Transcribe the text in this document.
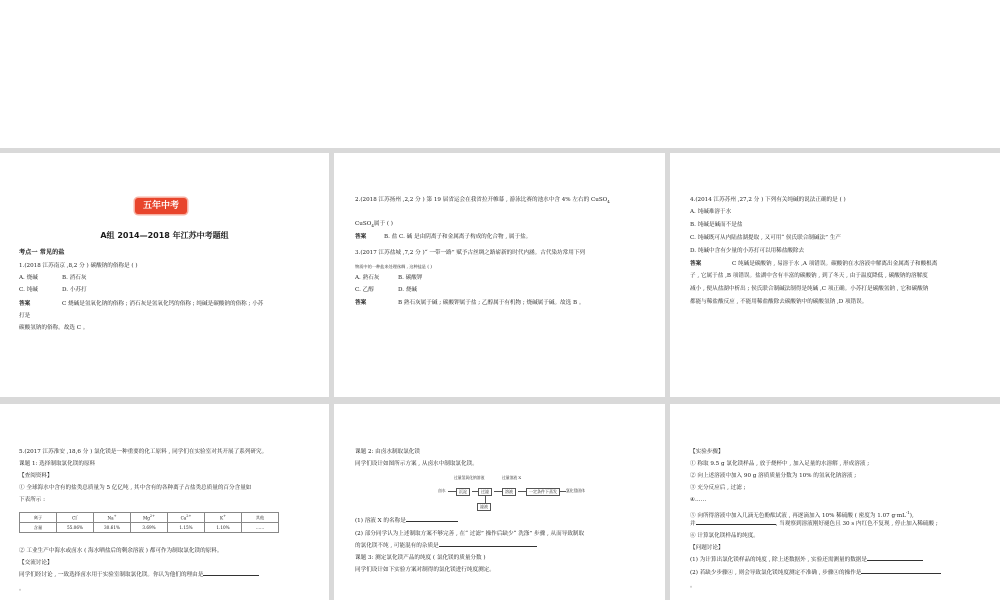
五年中考
A组 2014—2018 年江苏中考题组
考点一 常见的盐
1.(2018 江苏南京 ,8,2 分 ) 碳酸钠的俗称是 ( )
A. 烧碱	B. 消石灰
C. 纯碱	D. 小苏打
答案	C 烧碱是氢氧化钠的俗称 ; 消石灰是氢氧化钙的俗称 ; 纯碱是碳酸钠的俗称 ; 小苏
打是
碳酸氢钠的俗称。故选 C 。
2.(2018 江苏扬州 ,2,2 分 ) 第 19 届省运会在我省拉开帷幕 , 游泳比赛的池水中含 4% 左右的 CuSO$_4$
CuSO$_4$属于 ( )
答案	B. 盐 C. 碱 是由阴离子和金属离子构成的化合物 , 属于盐。
3.(2017 江苏盐城 ,7,2 分 )“ 一带一路” 赋予古丝绸之路崭新的时代内涵。古代染坊常用下列
物质中的一种盐来处理丝绸 , 这种盐是 ( )
A. 熟石灰	B. 碳酸钾
C. 乙醇	D. 烧碱
答案	B 熟石灰属于碱 ; 碳酸钾属于盐 ; 乙醇属于有机物 ; 烧碱属于碱。故选 B 。
4.(2014 江苏苏州 ,27,2 分 ) 下列有关纯碱的说法正确的是 ( )
A. 纯碱难溶于水
B. 纯碱是碱而不是盐
C. 纯碱既可从内陆盐湖提取 , 又可用“ 侯氏联合制碱法” 生产
D. 纯碱中含有少量的小苏打可以用稀盐酸除去
答案	C 纯碱是碳酸钠 , 易溶于水 ,A 项错误。碳酸钠在水溶液中解离出金属离子和酸根离
子 , 它属于盐 ,B 项错误。盐湖中含有丰富的碳酸钠 , 到了冬天 , 由于温度降低 , 碳酸钠的溶解度
减小 , 便从盐湖中析出 ; 侯氏联合制碱法制得是纯碱 ,C 项正确。小苏打是碳酸氢钠 , 它和碳酸钠
都能与稀盐酸反应 , 不能用稀盐酸除去碳酸钠中的碳酸氢钠 ,D 项错误。
5.(2017 江苏淮安 ,18,6 分 ) 氯化镁是一种重要的化工原料 , 同学们在实验室对其开展了系列研究。
课题 1: 选择制取氯化镁的原料
【查阅资料】
① 全球海水中含有的盐类总质量为 5 亿亿吨 , 其中含有的各种离子占盐类总质量的百分含量如
下表所示 :
离子	Cl-	Na+	$Mg^{2+}$	$Ca^{2+}$	K+	其他
含量	55.06%	30.61%	3.69%	1.15%	1.10%	……
② 工业生产中海水或卤水 ( 海水晒盐后的剩余溶液 ) 都可作为制取氯化镁的原料。
【交流讨论】
同学们经讨论 , 一致选择卤水用于实验室制取氯化镁。你认为他们的理由是
。
课题 2: 由卤水制取氯化镁
同学们设计如图所示方案 , 从卤水中制取氯化镁。
过量氢氧化钠溶液	过量溶液 X
卤水	沉淀	过滤	溶液	一定条件下蒸发	氯化镁固体
滤液
(1) 溶液 X 的名称是
(2) 部分同学认为上述制取方案不够完善 , 在“ 过滤” 操作后缺少“ 洗涤” 步骤 , 从而导致制取
的氯化镁不纯 , 可能混有的杂质是
课题 3: 测定氯化镁产品的纯度 ( 氯化镁的质量分数 )
同学们设计如下实验方案对制得的氯化镁进行纯度测定。
【实验步骤】
① 称取 9.5 g 氯化镁样品 , 放于烧杯中 , 加入足量的水溶解 , 形成溶液 ;
② 向上述溶液中加入 90 g 溶质质量分数为 10% 的氢氧化钠溶液 ;
③ 充分反应后 , 过滤 ;
④……
⑤ 向所得溶液中加入几滴无色酚酞试液 , 再逐滴加入 10% 稀硫酸 ( 密度为 1.07 $g\cdot mL^{-1}$),
并	, 当观察到溶液刚好褪色且 30 s 内红色不复现 , 停止加入稀硫酸 ;
⑥ 计算氯化镁样品的纯度。
【问题讨论】
(1) 为计算出氯化镁样品的纯度 , 除上述数据外 , 实验还需测量的数据是
(2) 若缺少步骤④ , 则会导致氯化镁纯度测定不准确 , 步骤④的操作是
。
